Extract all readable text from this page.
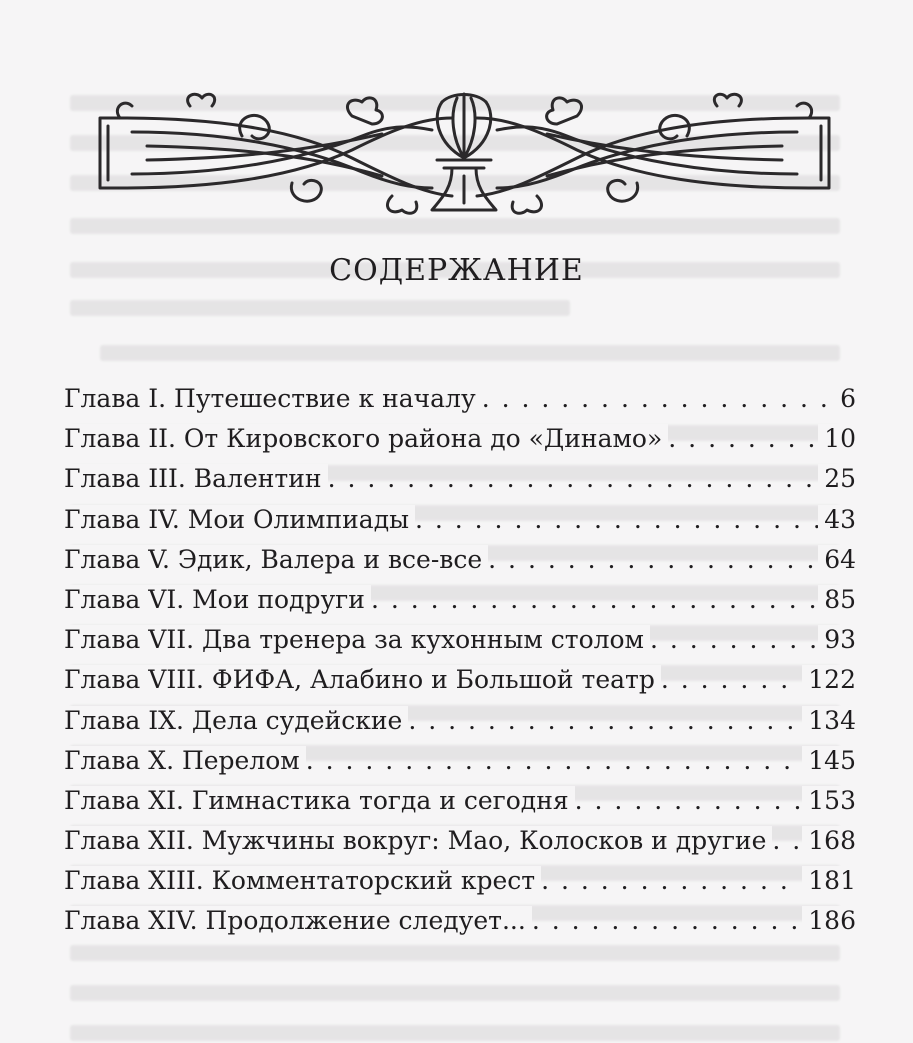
СОДЕРЖАНИЕ
Глава I. Путешествие к началу . . .	6
Глава II. От Кировского района до «Динамо» . . .	10
Глава III. Валентин . . .	25
Глава IV. Мои Олимпиады . . .	43
Глава V. Эдик, Валера и все-все . . .	64
Глава VI. Мои подруги . . .	85
Глава VII. Два тренера за кухонным столом . . .	93
Глава VIII. ФИФА, Алабино и Большой театр . . .	122
Глава IX. Дела судейские . . .	134
Глава X. Перелом . . .	145
Глава XI. Гимнастика тогда и сегодня . . .	153
Глава XII. Мужчины вокруг: Мао, Колосков и другие . . . 168
Глава XIII. Комментаторский крест . . .	181
Глава XIV. Продолжение следует... . . .	186
